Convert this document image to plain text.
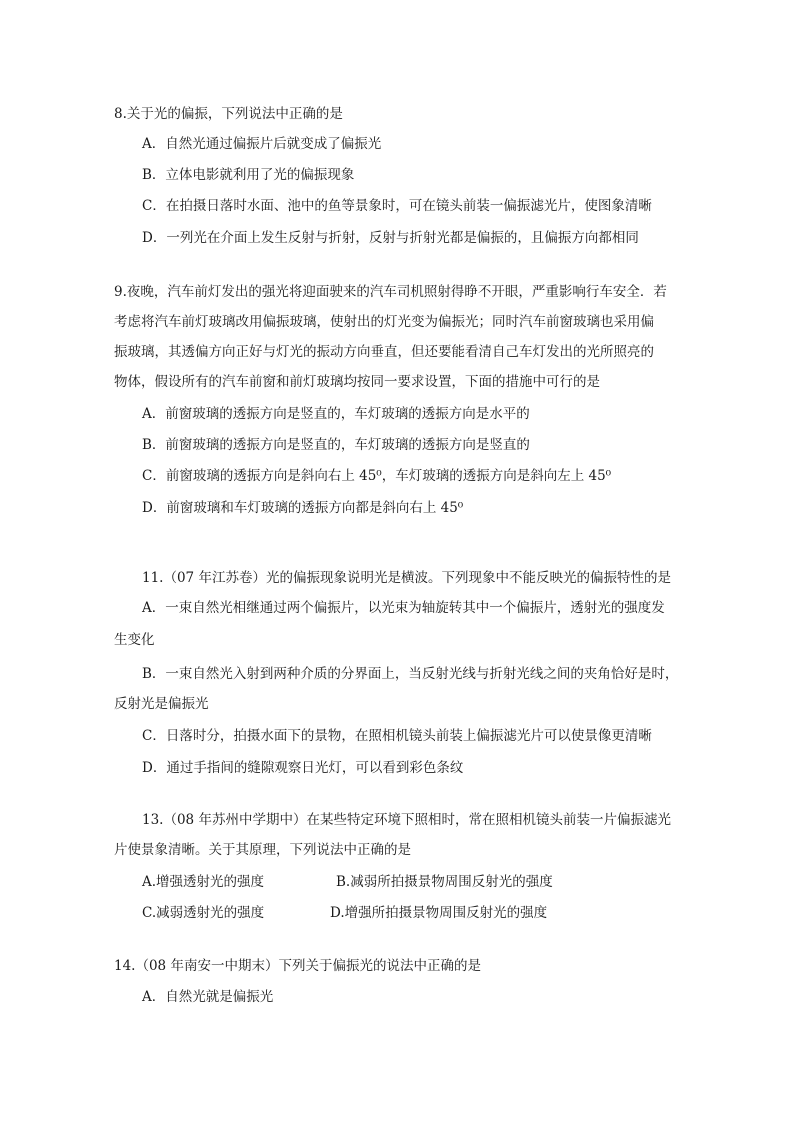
8.关于光的偏振，下列说法中正确的是
A．自然光通过偏振片后就变成了偏振光
B．立体电影就利用了光的偏振现象
C．在拍摄日落时水面、池中的鱼等景象时，可在镜头前装一偏振滤光片，使图象清晰
D．一列光在介面上发生反射与折射，反射与折射光都是偏振的，且偏振方向都相同
9.夜晚，汽车前灯发出的强光将迎面驶来的汽车司机照射得睁不开眼，严重影响行车安全．若
考虑将汽车前灯玻璃改用偏振玻璃，使射出的灯光变为偏振光；同时汽车前窗玻璃也采用偏
振玻璃，其透偏方向正好与灯光的振动方向垂直，但还要能看清自己车灯发出的光所照亮的
物体，假设所有的汽车前窗和前灯玻璃均按同一要求设置，下面的措施中可行的是
A．前窗玻璃的透振方向是竖直的，车灯玻璃的透振方向是水平的
B．前窗玻璃的透振方向是竖直的，车灯玻璃的透振方向是竖直的
C．前窗玻璃的透振方向是斜向右上 45⁰，车灯玻璃的透振方向是斜向左上 45⁰
D．前窗玻璃和车灯玻璃的透振方向都是斜向右上 45⁰
11.（07 年江苏卷）光的偏振现象说明光是横波。下列现象中不能反映光的偏振特性的是
A．一束自然光相继通过两个偏振片，以光束为轴旋转其中一个偏振片，透射光的强度发
生变化
B．一束自然光入射到两种介质的分界面上，当反射光线与折射光线之间的夹角恰好是时，
反射光是偏振光
C．日落时分，拍摄水面下的景物，在照相机镜头前装上偏振滤光片可以使景像更清晰
D．通过手指间的缝隙观察日光灯，可以看到彩色条纹
13.（08 年苏州中学期中）在某些特定环境下照相时，常在照相机镜头前装一片偏振滤光
片使景象清晰。关于其原理，下列说法中正确的是
A.增强透射光的强度	B.减弱所拍摄景物周围反射光的强度
C.减弱透射光的强度	D.增强所拍摄景物周围反射光的强度
14.（08 年南安一中期末）下列关于偏振光的说法中正确的是
A．自然光就是偏振光
